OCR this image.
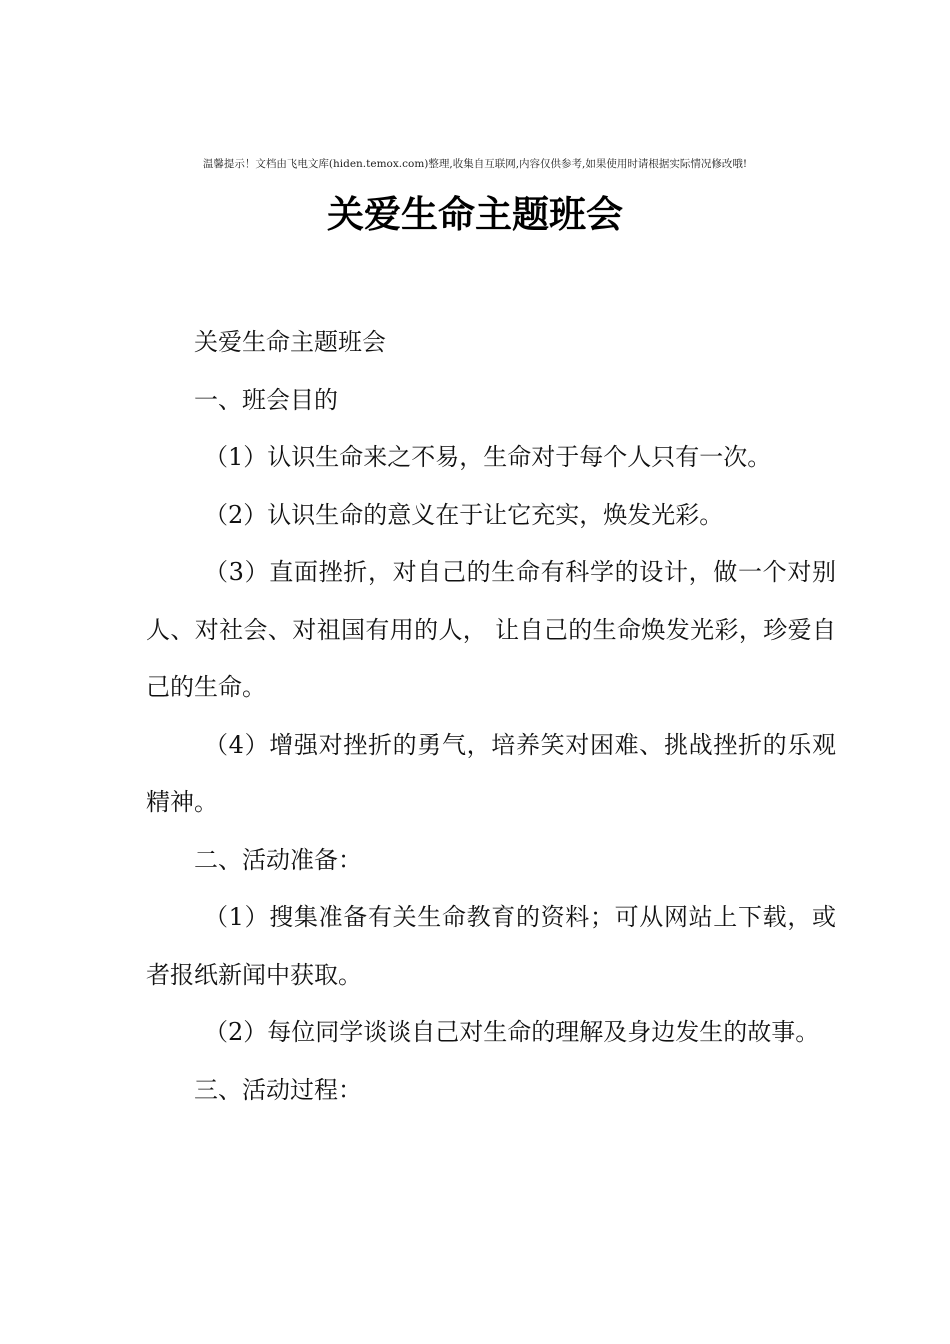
温馨提示！文档由飞电文库(hiden.temox.com)整理,收集自互联网,内容仅供参考,如果使用时请根据实际情况修改哦!
关爱生命主题班会

关爱生命主题班会

一、班会目的

（1）认识生命来之不易，生命对于每个人只有一次。

（2）认识生命的意义在于让它充实，焕发光彩。

（3）直面挫折，对自己的生命有科学的设计，做一个对别人、对社会、对祖国有用的人， 让自己的生命焕发光彩，珍爱自己的生命。

（4）增强对挫折的勇气，培养笑对困难、挑战挫折的乐观精神。

二、活动准备：

（1）搜集准备有关生命教育的资料；可从网站上下载，或者报纸新闻中获取。

（2）每位同学谈谈自己对生命的理解及身边发生的故事。

三、活动过程：
